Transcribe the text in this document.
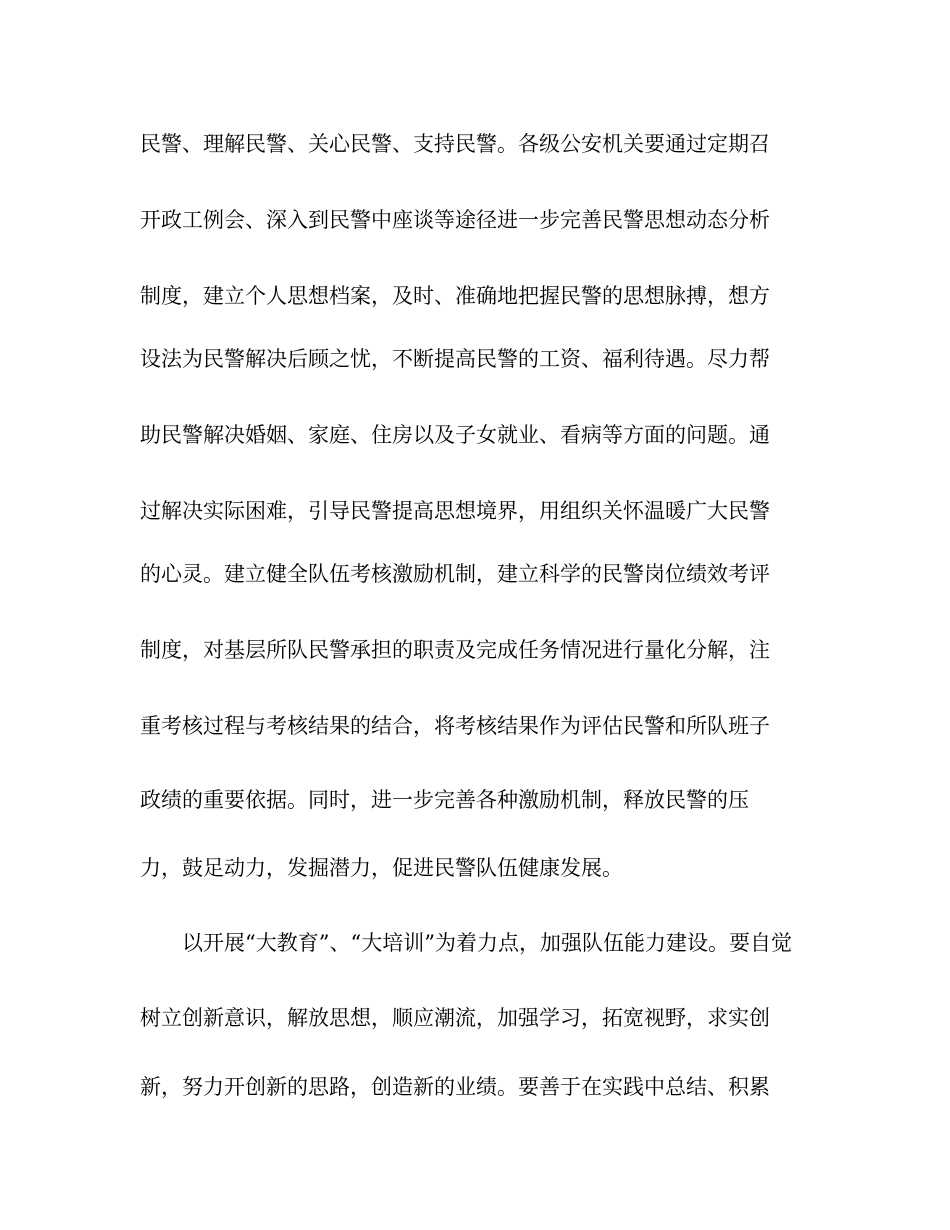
民警、理解民警、关心民警、支持民警。各级公安机关要通过定期召
开政工例会、深入到民警中座谈等途径进一步完善民警思想动态分析
制度，建立个人思想档案，及时、准确地把握民警的思想脉搏，想方
设法为民警解决后顾之忧，不断提高民警的工资、福利待遇。尽力帮
助民警解决婚姻、家庭、住房以及子女就业、看病等方面的问题。通
过解决实际困难，引导民警提高思想境界，用组织关怀温暖广大民警
的心灵。建立健全队伍考核激励机制，建立科学的民警岗位绩效考评
制度，对基层所队民警承担的职责及完成任务情况进行量化分解，注
重考核过程与考核结果的结合，将考核结果作为评估民警和所队班子
政绩的重要依据。同时，进一步完善各种激励机制，释放民警的压
力，鼓足动力，发掘潜力，促进民警队伍健康发展。
以开展“大教育”、“大培训”为着力点，加强队伍能力建设。要自觉
树立创新意识，解放思想，顺应潮流，加强学习，拓宽视野，求实创
新，努力开创新的思路，创造新的业绩。要善于在实践中总结、积累
